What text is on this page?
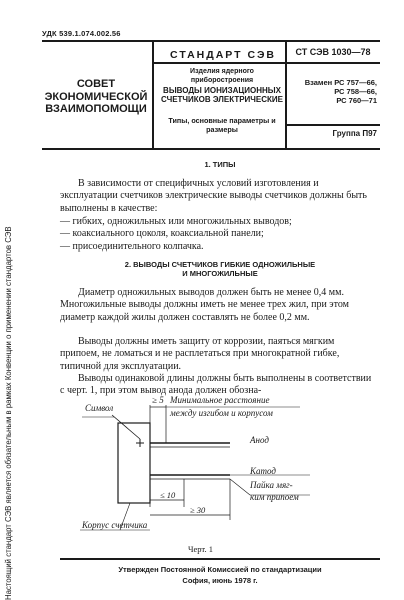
УДК 539.1.074.002.56
СОВЕТ
ЭКОНОМИЧЕСКОЙ
ВЗАИМОПОМОЩИ
СТАНДАРТ СЭВ
Изделия ядерного приборостроения
ВЫВОДЫ ИОНИЗАЦИОННЫХ СЧЕТЧИКОВ ЭЛЕКТРИЧЕСКИЕ
Типы, основные параметры и размеры
СТ СЭВ 1030—78
Взамен РС 757—66,
РС 758—66,
РС 760—71
Группа П97
Настоящий стандарт СЭВ является обязательным в рамках Конвенции о применении стандартов СЭВ
1. ТИПЫ
В зависимости от специфичных условий изготовления и эксплуатации счетчиков электрические выводы счетчиков должны быть выполнены в качестве:
— гибких, одножильных или многожильных выводов;
— коаксиального цоколя, коаксиальной панели;
— присоединительного колпачка.
2. ВЫВОДЫ СЧЕТЧИКОВ ГИБКИЕ ОДНОЖИЛЬНЫЕ
И МНОГОЖИЛЬНЫЕ
Диаметр одножильных выводов должен быть не менее 0,4 мм. Многожильные выводы должны иметь не менее трех жил, при этом диаметр каждой жилы должен составлять не более 0,2 мм.
Выводы должны иметь защиту от коррозии, паяться мягким припоем, не ломаться и не расплетаться при многократной гибке, типичной для эксплуатации.
Выводы одинаковой длины должны быть выполнены в соответствии с черт. 1, при этом вывод анода должен обозна-
Символ
≥ 5 Минимальное расстояние
между изгибом и корпусом
Анод
Катод
Пайка мяг-
ким припоем
≤ 10
≥ 30
Корпус счетчика
Черт. 1
Утвержден Постоянной Комиссией по стандартизации
София, июнь 1978 г.
